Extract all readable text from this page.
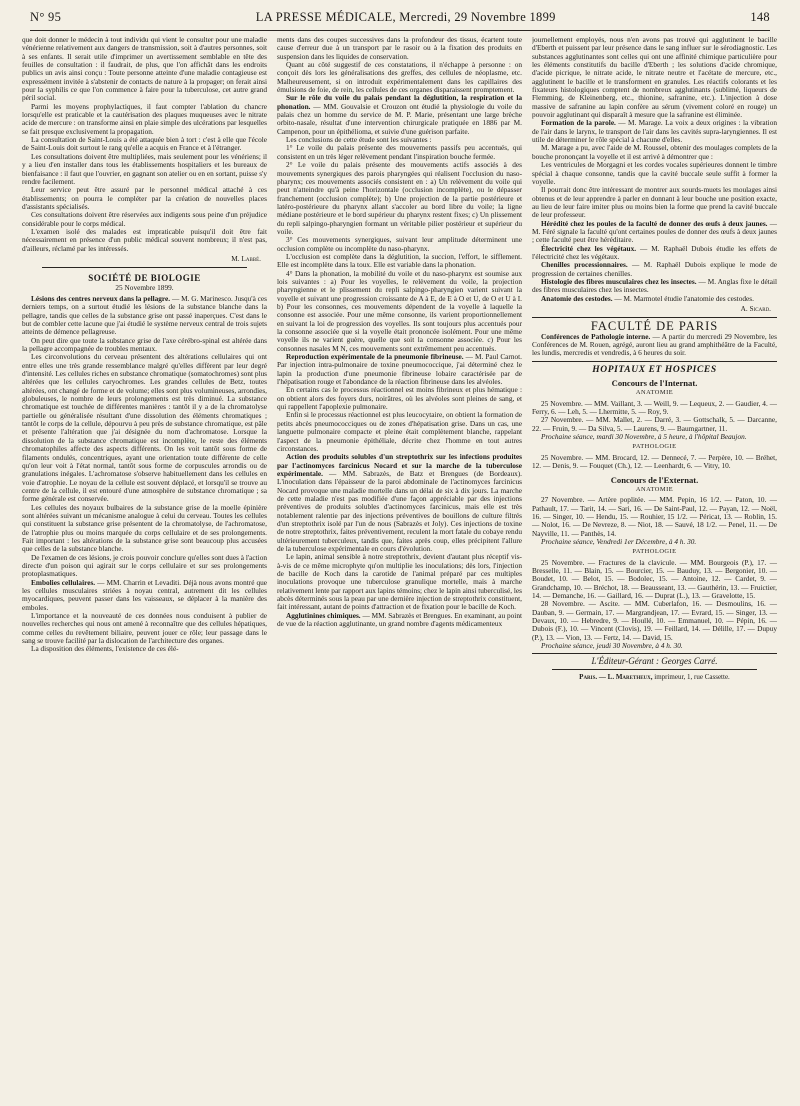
N° 95	LA PRESSE MÉDICALE, Mercredi, 29 Novembre 1899	148

que doit donner le médecin à tout individu qui vient le consulter pour une maladie vénérienne relativement aux dangers de transmission, soit à d'autres personnes, soit à ses enfants. Il serait utile d'imprimer un avertissement semblable en tête des feuilles de consultation : il faudrait, de plus, que l'on affichât dans les endroits publics un avis ainsi conçu : Toute personne atteinte d'une maladie contagieuse est expressément invitée à s'abstenir de contacts de nature à la propager; on ferait ainsi pour la syphilis ce que l'on commence à faire pour la tuberculose, cet autre grand péril social.

Parmi les moyens prophylactiques, il faut compter l'ablation du chancre lorsqu'elle est praticable et la cautérisation des plaques muqueuses avec le nitrate acide de mercure : on transforme ainsi en plaie simple des ulcérations par lesquelles se fait presque exclusivement la propagation.

La consultation de Saint-Louis a été attaquée bien à tort : c'est à elle que l'école de Saint-Louis doit surtout le rang qu'elle a acquis en France et à l'étranger.

Les consultations doivent être multipliées, mais seulement pour les vénériens; il y a lieu d'en installer dans tous les établissements hospitaliers et les bureaux de bienfaisance : il faut que l'ouvrier, en gagnant son atelier ou en en sortant, puisse s'y rendre facilement.

Leur service peut être assuré par le personnel médical attaché à ces établissements; on pourra le compléter par la création de nouvelles places d'assistants spécialisés.

Ces consultations doivent être réservées aux indigents sous peine d'un préjudice considérable pour le corps médical.

L'examen isolé des malades est impraticable puisqu'il doit être fait nécessairement en présence d'un public médical souvent nombreux; il n'est pas, d'ailleurs, réclamé par les intéressés.

M. Labbé.
SOCIÉTÉ DE BIOLOGIE
25 Novembre 1899.

Lésions des centres nerveux dans la pellagre. — M. G. Marinesco. Jusqu'à ces derniers temps, on a surtout étudié les lésions de la substance blanche dans la pellagre, tandis que celles de la substance grise ont passé inaperçues. C'est dans le but de combler cette lacune que j'ai étudié le système nerveux central de trois sujets atteints de démence pellagreuse.

On peut dire que toute la substance grise de l'axe cérébro-spinal est altérée dans la pellagre accompagnée de troubles mentaux.

Les circonvolutions du cerveau présentent des altérations cellulaires qui ont entre elles une très grande ressemblance malgré qu'elles diffèrent par leur degré d'intensité. Les cellules riches en substance chromatique (somatochromes) sont plus altérées que les cellules caryochromes. Les grandes cellules de Betz, toutes altérées, ont changé de forme et de volume; elles sont plus volumineuses, arrondies, globuleuses, le nombre de leurs prolongements est très diminué. La substance chromatique est touchée de différentes manières : tantôt il y a de la chromatolyse partielle ou généralisée résultant d'une dissolution des éléments chromatiques ; tantôt le corps de la cellule, dépourvu à peu près de substance chromatique, est pâle et présente l'altération que j'ai désignée du nom d'achromatose. Lorsque la dissolution de la substance chromatique est incomplète, le reste des éléments chromatophiles affecte des aspects différents. On les voit tantôt sous forme de filaments ondulés, concentriques, ayant une orientation toute différente de celle qu'on leur voit à l'état normal, tantôt sous forme de corpuscules arrondis ou de granulations inégales. L'achromatose s'observe habituellement dans les cellules en voie d'atrophie. Le noyau de la cellule est souvent déplacé, et lorsqu'il se trouve au centre de la cellule, il est entouré d'une atmosphère de substance chromatique ; sa forme générale est conservée.

Les cellules des noyaux bulbaires de la substance grise de la moelle épinière sont altérées suivant un mécanisme analogue à celui du cerveau. Toutes les cellules qui constituent la substance grise présentent de la chromatolyse, de l'achromatose, de l'atrophie plus ou moins marquée du corps cellulaire et de ses prolongements. Fait important : les altérations de la substance grise sont beaucoup plus accusées que celles de la substance blanche.

De l'examen de ces lésions, je crois pouvoir conclure qu'elles sont dues à l'action directe d'un poison qui agirait sur le corps cellulaire et sur ses prolongements protoplasmatiques.

Embolies cellulaires. — MM. Charrin et Levaditi. Déjà nous avons montré que les cellules musculaires striées à noyau central, autrement dit les cellules myocardiques, peuvent passer dans les vaisseaux, se déplacer à la manière des emboles.

L'importance et la nouveauté de ces données nous conduisent à publier de nouvelles recherches qui nous ont amené à reconnaître que des cellules hépatiques, comme celles du revêtement biliaire, peuvent jouer ce rôle; leur passage dans le sang se trouve facilité par la dislocation de l'architecture des organes.

La disposition des éléments, l'existence de ces élé-

ments dans des coupes successives dans la profondeur des tissus, écartent toute cause d'erreur due à un transport par le rasoir ou à la fixation des produits en suspension dans les liquides de conservation.

Quant au côté suggestif de ces constatations, il n'échappe à personne : on conçoit dès lors les généralisations des greffes, des cellules de néoplasme, etc. Malheureusement, si on introduit expérimentalement dans les capillaires des émulsions de foie, de rein, les cellules de ces organes disparaissent promptement.

Sur le rôle du voile du palais pendant la déglutition, la respiration et la phonation. — MM. Gouvalsie et Crouzon ont étudié la physiologie du voile du palais chez un homme du service de M. P. Marie, présentant une large brèche orbito-nasale, résultat d'une intervention chirurgicale pratiquée en 1886 par M. Campenon, pour un épithélioma, et suivie d'une guérison parfaite.

Les conclusions de cette étude sont les suivantes :

1° Le voile du palais présente des mouvements passifs peu accentués, qui consistent en un très léger relèvement pendant l'inspiration bouche fermée.

2° Le voile du palais présente des mouvements actifs associés à des mouvements synergiques des parois pharyngées qui réalisent l'occlusion du naso-pharynx; ces mouvements associés consistent en : a) Un relèvement du voile qui peut n'atteindre qu'à peine l'horizontale (occlusion incomplète), ou le dépasser franchement (occlusion complète); b) Une projection de la partie postérieure et latéro-postérieure du pharynx allant s'accoler au bord libre du voile; la ligne médiane postérieure et le bord supérieur du pharynx restent fixes; c) Un plissement du repli salpingo-pharyngien formant un véritable pilier postérieur et supérieur du voile.

3° Ces mouvements synergiques, suivant leur amplitude déterminent une occlusion complète ou incomplète du naso-pharynx.

L'occlusion est complète dans la déglutition, la succion, l'effort, le sifflement. Elle est incomplète dans la toux. Elle est variable dans la phonation.

4° Dans la phonation, la mobilité du voile et du naso-pharynx est soumise aux lois suivantes : a) Pour les voyelles, le relèvement du voile, la projection pharyngienne et le plissement du repli salpingo-pharyngien varient suivant la voyelle et suivant une progression croissante de A à E, de E à O et U, de O et U à I. b) Pour les consonnes, ces mouvements dépendent de la voyelle à laquelle la consonne est associée. Pour une même consonne, ils varient proportionnellement en suivant la loi de progression des voyelles. Ils sont toujours plus accentués pour la consonne associée que si la voyelle était prononcée isolément. Pour une même voyelle ils ne varient guère, quelle que soit la consonne associée. c) Pour les consonnes nasales M N, ces mouvements sont extrêmement peu accentués.

Reproduction expérimentale de la pneumonie fibrineuse. — M. Paul Carnot. Par injection intra-pulmonaire de toxine pneumococcique, j'ai déterminé chez le lapin la production d'une pneumonie fibrineuse lobaire caractérisée par de l'hépatisation rouge et l'abondance de la réaction fibrineuse dans les alvéoles.

En certains cas le processus réactionnel est moins fibrineux et plus hématique : on obtient alors des foyers durs, noirâtres, où les alvéoles sont pleines de sang, et qui rappellent l'apoplexie pulmonaire.

Enfin si le processus réactionnel est plus leucocytaire, on obtient la formation de petits abcès pneumococciques ou de zones d'hépatisation grise. Dans un cas, une languette pulmonaire compacte et pleine était complètement blanche, rappelant l'aspect de la pneumonie épithéliale, décrite chez l'homme en tout autres circonstances.

Action des produits solubles d'un streptothrix sur les infections produites par l'actinomyces farcinicus Nocard et sur la marche de la tuberculose expérimentale. — MM. Sabrazès, de Batz et Brengues (de Bordeaux). L'inoculation dans l'épaisseur de la paroi abdominale de l'actinomyces farcinicus Nocard provoque une maladie mortelle dans un délai de six à dix jours. La marche de cette maladie n'est pas modifiée d'une façon appréciable par des injections préventives de produits solubles d'actinomyces farcinicus, mais elle est très notablement ralentie par des injections préventives de bouillons de culture filtrés d'un streptothrix isolé par l'un de nous (Sabrazès et Joly). Ces injections de toxine de notre streptothrix, faites préventivement, reculent la mort fatale du cobaye rendu ultérieurement tuberculeux, tandis que, faites après coup, elles précipitent l'allure de la tuberculose expérimentale en cours d'évolution.

Le lapin, animal sensible à notre streptothrix, devient d'autant plus réceptif vis-à-vis de ce même microphyte qu'on multiplie les inoculations; dès lors, l'injection de bacille de Koch dans la carotide de l'animal préparé par ces multiples inoculations provoque une tuberculose granulique mortelle, mais à marche relativement lente par rapport aux lapins témoins; chez le lapin ainsi tuberculisé, les abcès déterminés sous la peau par une dernière injection de streptothrix constituent, fait intéressant, autant de points d'attraction et de fixation pour le bacille de Koch.

Agglutinines chimiques. — MM. Sabrazès et Brengues. En examinant, au point de vue de la réaction agglutinante, un grand nombre d'agents médicamenteux

journellement employés, nous n'en avons pas trouvé qui agglutinent le bacille d'Eberth et puissent par leur présence dans le sang influer sur le sérodiagnostic. Les substances agglutinantes sont celles qui ont une affinité chimique particulière pour les éléments constitutifs du bacille d'Eberth ; les solutions d'acide chromique, d'acide picrique, le nitrate acide, le nitrate neutre et l'acétate de mercure, etc., agglutinent le bacille et le transforment en granules. Les réactifs colorants et les fixateurs histologiques comptent de nombreux agglutinants (sublimé, liqueurs de Flemming, de Kleinenberg, etc., thionine, safranine, etc.). L'injection à dose massive de safranine au lapin confère au sérum (vivement coloré en rouge) un pouvoir agglutinant qui disparaît à mesure que la safranine est éliminée.

Formation de la parole. — M. Marage. La voix a deux origines : la vibration de l'air dans le larynx, le transport de l'air dans les cavités supra-laryngiennes. Il est utile de déterminer le rôle spécial à chacune d'elles.

M. Marage a pu, avec l'aide de M. Roussel, obtenir des moulages complets de la bouche prononçant la voyelle et il est arrivé à démontrer que :

Les ventricules de Morgagni et les cordes vocales supérieures donnent le timbre spécial à chaque consonne, tandis que la cavité buccale seule suffit à former la voyelle.

Il pourrait donc être intéressant de montrer aux sourds-muets les moulages ainsi obtenus et de leur apprendre à parler en donnant à leur bouche une position exacte, au lieu de leur faire imiter plus ou moins bien la forme que prend la cavité buccale de leur professeur.

Hérédité chez les poules de la faculté de donner des œufs à deux jaunes. — M. Féré signale la faculté qu'ont certaines poules de donner des œufs à deux jaunes ; cette faculté peut être héréditaire.

Électricité chez les végétaux. — M. Raphaël Dubois étudie les effets de l'électricité chez les végétaux.

Chenilles processionnaires. — M. Raphaël Dubois explique le mode de progression de certaines chenilles.

Histologie des fibres musculaires chez les insectes. — M. Anglas fixe le détail des fibres musculaires chez les insectes.

Anatomie des cestodes. — M. Marmotel étudie l'anatomie des cestodes.

A. Sicard.
FACULTÉ DE PARIS

Conférences de Pathologie interne. — A partir du mercredi 29 Novembre, les Conférences de M. Rouen, agrégé, auront lieu au grand amphithéâtre de la Faculté, les lundis, mercredis et vendredis, à 6 heures du soir.

HOPITAUX ET HOSPICES
Concours de l'Internat.
ANATOMIE

25 Novembre. — MM. Vaillant, 3. — Weill, 9. — Lequeux, 2. — Gaudier, 4. — Ferry, 6. — Leh, 5. — Lhermitte, 5. — Roy, 9.

27 Novembre. — MM. Mallet, 2. — Darré, 3. — Gottschalk, 5. — Darcanne, 22. — Fruin, 9. — Da Silva, 5. — Laurens, 9. — Baumgartner, 11.

Prochaine séance, mardi 30 Novembre, à 5 heure, à l'hôpital Beaujon.

PATHOLOGIE

25 Novembre. — MM. Brocard, 12. — Dennecé, 7. — Perpère, 10. — Bréhet, 12. — Denis, 9. — Fouquet (Ch.), 12. — Leenhardt, 6. — Vitry, 10.

Concours de l'Externat.
ANATOMIE

27 Novembre. — Artère poplitée. — MM. Pepin, 16 1/2. — Paton, 10. — Pathault, 17. — Tarit, 14. — Sari, 16. — De Saint-Paul, 12. — Payan, 12. — Noël, 16. — Singer, 10. — Hendu, 15. — Rouhier, 15 1/2. — Péricat, 13. — Roblin, 15. — Nolot, 16. — De Nevreze, 8. — Niot, 18. — Sauvé, 18 1/2. — Penel, 11. — De Nayville, 11. — Panthès, 14.

Prochaine séance, Vendredi 1er Décembre, à 4 h. 30.

PATHOLOGIE

25 Novembre. — Fractures de la clavicule. — MM. Bourgeois (P.), 17. — Bresselle, 11. — Blain, 15. — Bourcier, 15. — Bauduy, 13. — Bergonier, 10. — Boudet, 10. — Belot, 15. — Bodolec, 15. — Antoine, 12. — Cardet, 9. — Grandchamp, 10. — Bréchot, 18. — Beausseant, 13. — Gauthérin, 13. — Fruictier, 14. — Demanche, 16. — Gaillard, 16. — Duprat (L.), 13. — Gravelotte, 15.

28 Novembre. — Ascite. — MM. Cuberlafon, 16. — Desmoulins, 16. — Dauban, 9. — Germain, 17. — Margrandjean, 17. — Evrard, 15. — Singer, 13. — Devaux, 10. — Hebredre, 9. — Houllé, 10. — Emmanuel, 10. — Pépin, 16. — Dubois (F.), 10. — Vincent (Clovis), 19. — Feillard, 14. — Délille, 17. — Dupuy (P.), 13. — Vion, 13. — Fertz, 14. — David, 15.

Prochaine séance, jeudi 30 Novembre, à 4 h. 30.

L'Éditeur-Gérant : Georges Carré.
Paris. — L. Maretheux, imprimeur, 1, rue Cassette.
